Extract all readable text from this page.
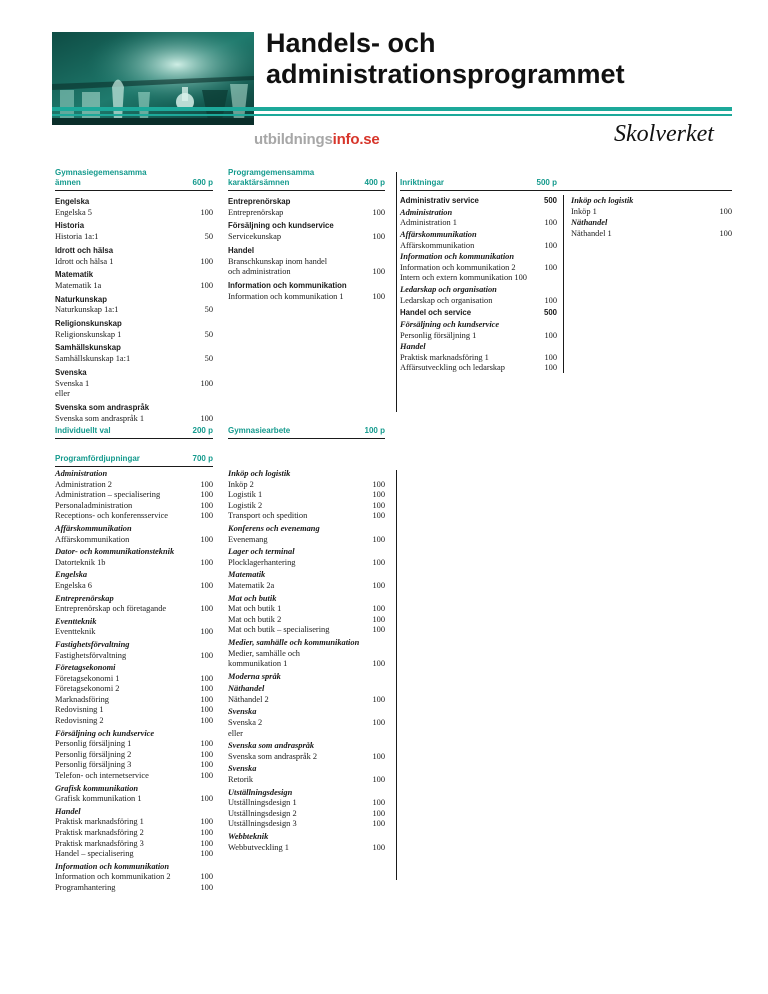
Handels- och
administrationsprogrammet
utbildningsinfo.se	Skolverket
Gymnasiegemensamma
ämnen	600 p
Engelska
Engelska 5	100
Historia
Historia 1a:1	50
Idrott och hälsa
Idrott och hälsa 1	100
Matematik
Matematik 1a	100
Naturkunskap
Naturkunskap 1a:1	50
Religionskunskap
Religionskunskap 1	50
Samhällskunskap
Samhällskunskap 1a:1	50
Svenska
Svenska 1	100
eller
Svenska som andraspråk
Svenska som andraspråk 1	100
Programgemensamma
karaktärsämnen	400 p
Entreprenörskap
Entreprenörskap	100
Försäljning och kundservice
Servicekunskap	100
Handel
Branschkunskap inom handel
och administration	100
Information och kommunikation
Information och kommunikation 1	100
Inriktningar	500 p
Administrativ service	500
Administration
Administration 1	100
Affärskommunikation
Affärskommunikation	100
Information och kommunikation
Information och kommunikation 2	100
Intern och extern kommunikation 100
Ledarskap och organisation
Ledarskap och organisation	100
Handel och service	500
Försäljning och kundservice
Personlig försäljning 1	100
Handel
Praktisk marknadsföring 1	100
Affärsutveckling och ledarskap	100
Inköp och logistik
Inköp 1	100
Näthandel
Näthandel 1	100
Individuellt val	200 p Gymnasiearbete	100 p
Programfördjupningar	700 p
Administration
Administration 2	100
Administration – specialisering	100
Personaladministration	100
Receptions- och konferensservice	100
Affärskommunikation
Affärskommunikation	100
Dator- och kommunikationsteknik
Datorteknik 1b	100
Engelska
Engelska 6	100
Entreprenörskap
Entreprenörskap och företagande	100
Eventteknik
Eventteknik	100
Fastighetsförvaltning
Fastighetsförvaltning	100
Företagsekonomi
Företagsekonomi 1	100
Företagsekonomi 2	100
Marknadsföring	100
Redovisning 1	100
Redovisning 2	100
Försäljning och kundservice
Personlig försäljning 1	100
Personlig försäljning 2	100
Personlig försäljning 3	100
Telefon- och internetservice	100
Grafisk kommunikation
Grafisk kommunikation 1	100
Handel
Praktisk marknadsföring 1	100
Praktisk marknadsföring 2	100
Praktisk marknadsföring 3	100
Handel – specialisering	100
Information och kommunikation
Information och kommunikation 2	100
Programhantering	100
Inköp och logistik
Inköp 2	100
Logistik 1	100
Logistik 2	100
Transport och spedition	100
Konferens och evenemang
Evenemang	100
Lager och terminal
Plocklagerhantering	100
Matematik
Matematik 2a	100
Mat och butik
Mat och butik 1	100
Mat och butik 2	100
Mat och butik – specialisering	100
Medier, samhälle och kommunikation
Medier, samhälle och
kommunikation 1	100
Moderna språk
Näthandel
Näthandel 2	100
Svenska
Svenska 2	100
eller
Svenska som andraspråk
Svenska som andraspråk 2	100
Svenska
Retorik	100
Utställningsdesign
Utställningsdesign 1	100
Utställningsdesign 2	100
Utställningsdesign 3	100
Webbteknik
Webbutveckling 1	100
